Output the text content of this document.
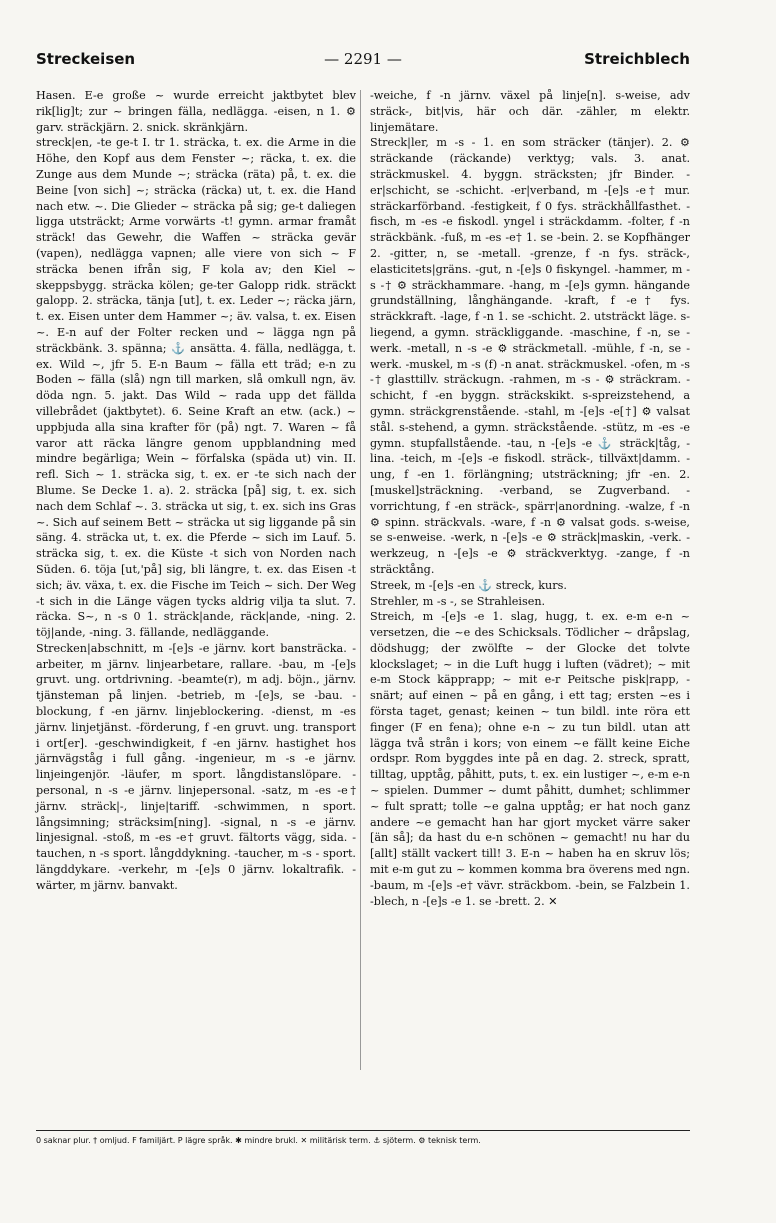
Streckeisen	— 2291 —	Streichblech

Hasen. E-e große ~ wurde erreicht jaktbytet blev rik[lig]t; zur ~ bringen fälla, nedlägga. -eisen, n 1. ⚙ garv. sträckjärn. 2. snick. skränkjärn.

streck|en, -te ge-t I. tr 1. sträcka, t. ex. die Arme in die Höhe, den Kopf aus dem Fenster ~; räcka, t. ex. die Zunge aus dem Munde ~; sträcka (räta) på, t. ex. die Beine [von sich] ~; sträcka (räcka) ut, t. ex. die Hand nach etw. ~. Die Glieder ~ sträcka på sig; ge-t daliegen ligga utsträckt; Arme vorwärts -t! gymn. armar framåt sträck! das Gewehr, die Waffen ~ sträcka gevär (vapen), nedlägga vapnen; alle viere von sich ~ F sträcka benen ifrån sig, F kola av; den Kiel ~ skeppsbygg. sträcka kölen; ge-ter Galopp ridk. sträckt galopp. 2. sträcka, tänja [ut], t. ex. Leder ~; räcka järn, t. ex. Eisen unter dem Hammer ~; äv. valsa, t. ex. Eisen ~. E-n auf der Folter recken und ~ lägga ngn på sträckbänk. 3. spänna; ⚓ ansätta. 4. fälla, nedlägga, t. ex. Wild ~, jfr 5. E-n Baum ~ fälla ett träd; e-n zu Boden ~ fälla (slå) ngn till marken, slå omkull ngn, äv. döda ngn. 5. jakt. Das Wild ~ rada upp det fällda villebrådet (jaktbytet). 6. Seine Kraft an etw. (ack.) ~ uppbjuda alla sina krafter för (på) ngt. 7. Waren ~ få varor att räcka längre genom uppblandning med mindre begärliga; Wein ~ förfalska (späda ut) vin. II. refl. Sich ~ 1. sträcka sig, t. ex. er -te sich nach der Blume. Se Decke 1. a). 2. sträcka [på] sig, t. ex. sich nach dem Schlaf ~. 3. sträcka ut sig, t. ex. sich ins Gras ~. Sich auf seinem Bett ~ sträcka ut sig liggande på sin säng. 4. sträcka ut, t. ex. die Pferde ~ sich im Lauf. 5. sträcka sig, t. ex. die Küste -t sich von Norden nach Süden. 6. töja [ut,'på] sig, bli längre, t. ex. das Eisen -t sich; äv. växa, t. ex. die Fische im Teich ~ sich. Der Weg -t sich in die Länge vägen tycks aldrig vilja ta slut. 7. räcka. S~, n -s 0 1. sträck|ande, räck|ande, -ning. 2. töj|ande, -ning. 3. fällande, nedläggande.

Strecken|abschnitt, m -[e]s -e järnv. kort bansträcka. -arbeiter, m järnv. linjearbetare, rallare. -bau, m -[e]s gruvt. ung. ortdrivning. -beamte(r), m adj. böjn., järnv. tjänsteman på linjen. -betrieb, m -[e]s, se -bau. -blockung, f -en järnv. linjeblockering. -dienst, m -es järnv. linjetjänst. -förderung, f -en gruvt. ung. transport i ort[er]. -geschwindigkeit, f -en järnv. hastighet hos järnvägståg i full gång. -ingenieur, m -s -e järnv. linjeingenjör. -läufer, m sport. långdistanslöpare. -personal, n -s -e järnv. linjepersonal. -satz, m -es -e† järnv. sträck|-, linje|tariff. -schwimmen, n sport. långsimning; sträcksim[ning]. -signal, n -s -e järnv. linjesignal. -stoß, m -es -e† gruvt. fältorts vägg, sida. -tauchen, n -s sport. långddykning. -taucher, m -s - sport. längddykare. -verkehr, m -[e]s 0 järnv. lokaltrafik. -wärter, m järnv. banvakt.

-weiche, f -n järnv. växel på linje[n]. s-weise, adv sträck-, bit|vis, här och där. -zähler, m elektr. linjemätare.

Streck|ler, m -s - 1. en som sträcker (tänjer). 2. ⚙ sträckande (räckande) verktyg; vals. 3. anat. sträckmuskel. 4. byggn. sträcksten; jfr Binder. -er|schicht, se -schicht. -er|verband, m -[e]s -e† mur. sträckarförband. -festigkeit, f 0 fys. sträckhållfasthet. -fisch, m -es -e fiskodl. yngel i sträckdamm. -folter, f -n sträckbänk. -fuß, m -es -e† 1. se -bein. 2. se Kopfhänger 2. -gitter, n, se -metall. -grenze, f -n fys. sträck-, elasticitets|gräns. -gut, n -[e]s 0 fiskyngel. -hammer, m -s -† ⚙ sträckhammare. -hang, m -[e]s gymn. hängande grundställning, långhängande. -kraft, f -e† fys. sträckkraft. -lage, f -n 1. se -schicht. 2. utsträckt läge. s-liegend, a gymn. sträckliggande. -maschine, f -n, se -werk. -metall, n -s -e ⚙ sträckmetall. -mühle, f -n, se -werk. -muskel, m -s (f) -n anat. sträckmuskel. -ofen, m -s -† glasttillv. sträckugn. -rahmen, m -s - ⚙ sträckram. -schicht, f -en byggn. sträckskikt. s-spreizstehend, a gymn. sträckgrenstående. -stahl, m -[e]s -e[†] ⚙ valsat stål. s-stehend, a gymn. sträckstående. -stütz, m -es -e gymn. stupfallstående. -tau, n -[e]s -e ⚓ sträck|tåg, -lina. -teich, m -[e]s -e fiskodl. sträck-, tillväxt|damm. -ung, f -en 1. förlängning; utsträckning; jfr -en. 2. [muskel]sträckning. -verband, se Zugverband. -vorrichtung, f -en sträck-, spärr|anordning. -walze, f -n ⚙ spinn. sträckvals. -ware, f -n ⚙ valsat gods. s-weise, se s-enweise. -werk, n -[e]s -e ⚙ sträck|maskin, -verk. -werkzeug, n -[e]s -e ⚙ sträckverktyg. -zange, f -n sträcktång.

Streek, m -[e]s -en ⚓ streck, kurs.

Strehler, m -s -, se Strahleisen.

Streich, m -[e]s -e 1. slag, hugg, t. ex. e-m e-n ~ versetzen, die ~e des Schicksals. Tödlicher ~ dråpslag, dödshugg; der zwölfte ~ der Glocke det tolvte klockslaget; ~ in die Luft hugg i luften (vädret); ~ mit e-m Stock käpprapp; ~ mit e-r Peitsche pisk|rapp, -snärt; auf einen ~ på en gång, i ett tag; ersten ~es i första taget, genast; keinen ~ tun bildl. inte röra ett finger (F en fena); ohne e-n ~ zu tun bildl. utan att lägga två strån i kors; von einem ~e fällt keine Eiche ordspr. Rom byggdes inte på en dag. 2. streck, spratt, tilltag, upptåg, påhitt, puts, t. ex. ein lustiger ~, e-m e-n ~ spielen. Dummer ~ dumt påhitt, dumhet; schlimmer ~ fult spratt; tolle ~e galna upptåg; er hat noch ganz andere ~e gemacht han har gjort mycket värre saker [än så]; da hast du e-n schönen ~ gemacht! nu har du [allt] ställt vackert till! 3. E-n ~ haben ha en skruv lös; mit e-m gut zu ~ kommen komma bra överens med ngn. -baum, m -[e]s -e† vävr. sträckbom. -bein, se Falzbein 1. -blech, n -[e]s -e 1. se -brett. 2. ✕

0 saknar plur. † omljud. F familjärt. P lägre språk. ✱ mindre brukl. ✕ militärisk term. ⚓ sjöterm. ⚙ teknisk term.
